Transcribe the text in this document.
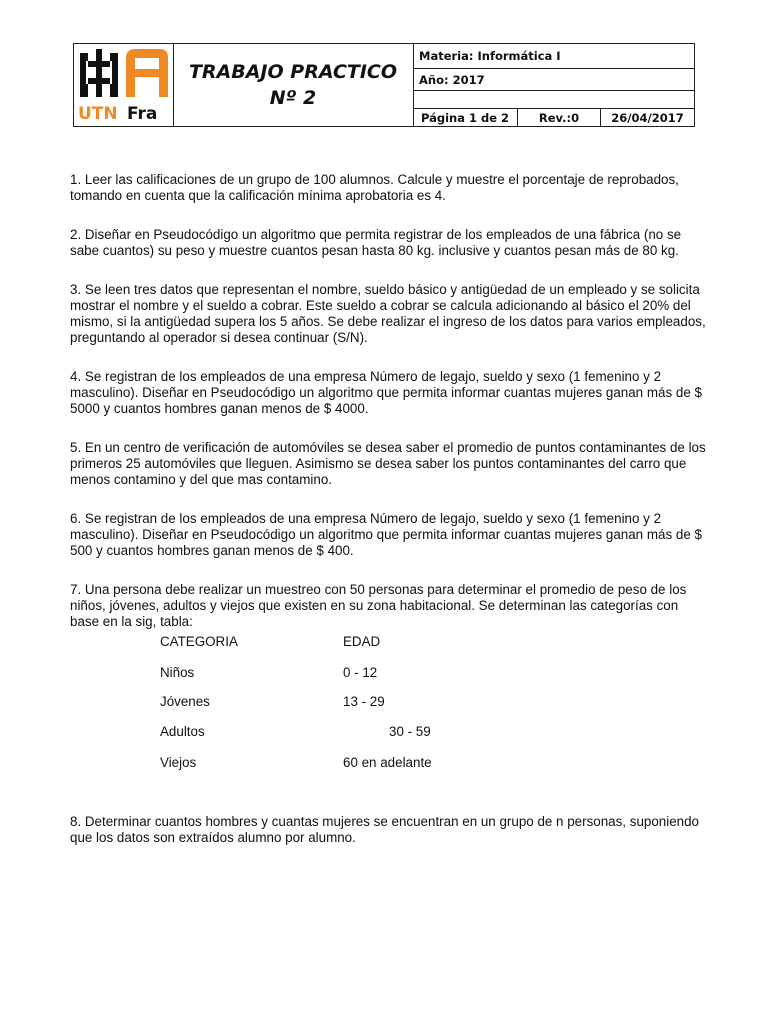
UTN Fra
TRABAJO PRACTICO
Nº 2
Materia: Informática I
Año: 2017
Página 1 de 2	Rev.:0	26/04/2017

1. Leer las calificaciones de un grupo de 100 alumnos. Calcule y muestre el porcentaje de reprobados, tomando en cuenta que la calificación mínima aprobatoria es 4.

2. Diseñar en Pseudocódigo un algoritmo que permita registrar de los empleados de una fábrica (no se sabe cuantos) su peso y muestre cuantos pesan hasta 80 kg. inclusive y cuantos pesan más de 80 kg.

3. Se leen tres datos que representan el nombre, sueldo básico y antigüedad de un empleado y se solicita mostrar el nombre y el sueldo a cobrar. Este sueldo a cobrar se calcula adicionando al básico el 20% del mismo, si la antigüedad supera los 5 años. Se debe realizar el ingreso de los datos para varios empleados, preguntando al operador si desea continuar (S/N).

4. Se registran de los empleados de una empresa Número de legajo, sueldo y sexo (1 femenino y 2 masculino). Diseñar en Pseudocódigo un algoritmo que permita informar cuantas mujeres ganan más de $ 5000 y cuantos hombres ganan menos de $ 4000.

5. En un centro de verificación de automóviles se desea saber el promedio de puntos contaminantes de los primeros 25 automóviles que lleguen. Asimismo se desea saber los puntos contaminantes del carro que menos contamino y del que mas contamino.

6. Se registran de los empleados de una empresa Número de legajo, sueldo y sexo (1 femenino y 2 masculino). Diseñar en Pseudocódigo un algoritmo que permita informar cuantas mujeres ganan más de $ 500 y cuantos hombres ganan menos de $ 400.

7. Una persona debe realizar un muestreo con 50 personas para determinar el promedio de peso de los niños, jóvenes, adultos y viejos que existen en su zona habitacional. Se determinan las categorías con base en la sig, tabla:

CATEGORIA	EDAD
Niños	0 - 12
Jóvenes	13 - 29
Adultos	30 - 59
Viejos	60 en adelante

8. Determinar cuantos hombres y cuantas mujeres se encuentran en un grupo de n personas, suponiendo que los datos son extraídos alumno por alumno.
